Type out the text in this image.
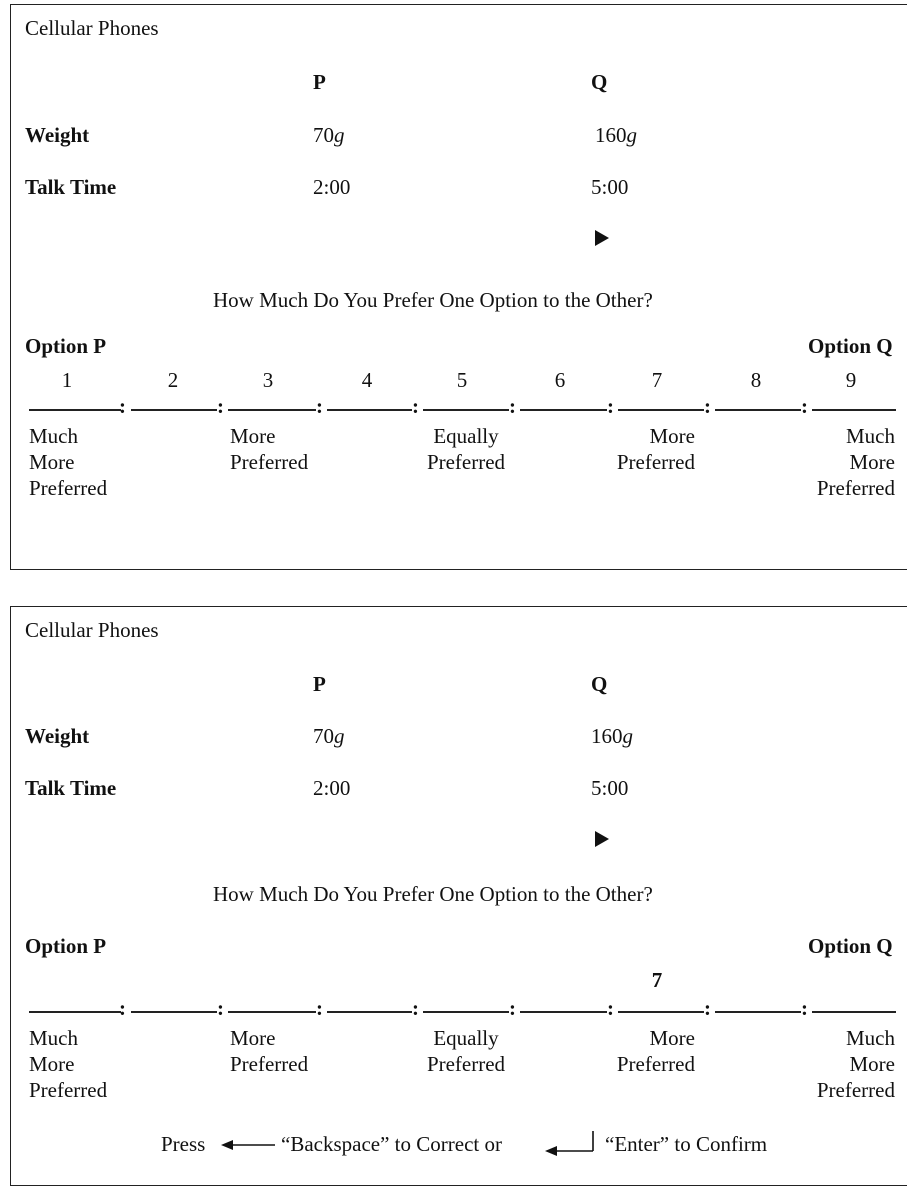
Cellular Phones
P	Q
Weight	70g	160g
Talk Time	2:00	5:00
How Much Do You Prefer One Option to the Other?
Option P	Option Q
1	2	3	4	5	6	7	8	9
:	:	:	:	:	:	:	:
Much
More
Preferred
More
Preferred
Equally
Preferred
More
Preferred
Much
More
Preferred
Cellular Phones
P	Q
Weight	70g	160g
Talk Time	2:00	5:00
How Much Do You Prefer One Option to the Other?
Option P	Option Q
7
:	:	:	:	:	:	:	:
Much
More
Preferred
More
Preferred
Equally
Preferred
More
Preferred
Much
More
Preferred
Press	“Backspace” to Correct or	“Enter” to Confirm
